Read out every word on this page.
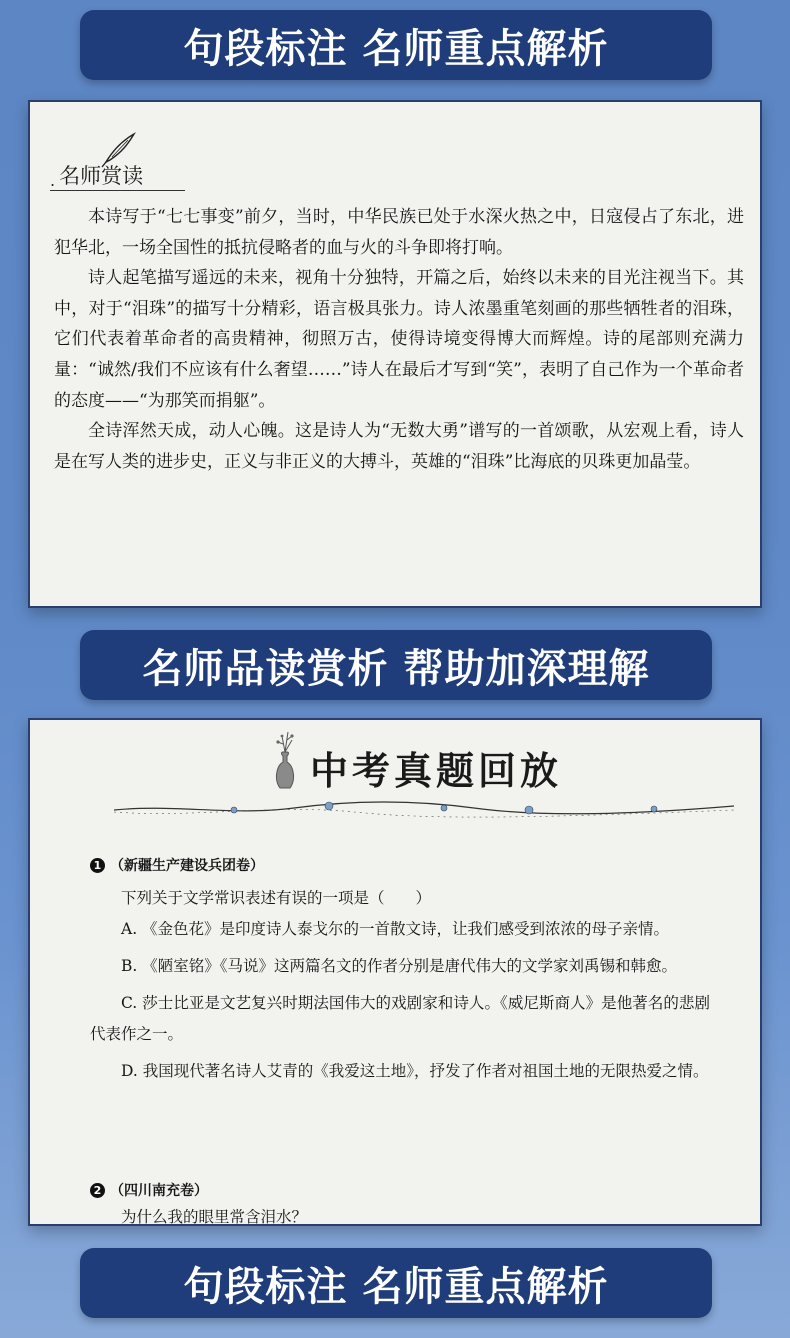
句段标注 名师重点解析

. 名师赏读

本诗写于“七七事变”前夕，当时，中华民族已处于水深火热之中，日寇侵占了东北，进犯华北，一场全国性的抵抗侵略者的血与火的斗争即将打响。

诗人起笔描写遥远的未来，视角十分独特，开篇之后，始终以未来的目光注视当下。其中，对于“泪珠”的描写十分精彩，语言极具张力。诗人浓墨重笔刻画的那些牺牲者的泪珠，它们代表着革命者的高贵精神，彻照万古，使得诗境变得博大而辉煌。诗的尾部则充满力量：“诚然/我们不应该有什么奢望……”诗人在最后才写到“笑”，表明了自己作为一个革命者的态度——“为那笑而捐躯”。

全诗浑然天成，动人心魄。这是诗人为“无数大勇”谱写的一首颂歌，从宏观上看，诗人是在写人类的进步史，正义与非正义的大搏斗，英雄的“泪珠”比海底的贝珠更加晶莹。

名师品读赏析 帮助加深理解
中考真题回放
1 （新疆生产建设兵团卷）
下列关于文学常识表述有误的一项是（　　）
A. 《金色花》是印度诗人泰戈尔的一首散文诗，让我们感受到浓浓的母子亲情。
B. 《陋室铭》《马说》这两篇名文的作者分别是唐代伟大的文学家刘禹锡和韩愈。
C. 莎士比亚是文艺复兴时期法国伟大的戏剧家和诗人。《威尼斯商人》是他著名的悲剧代表作之一。
D. 我国现代著名诗人艾青的《我爱这土地》，抒发了作者对祖国土地的无限热爱之情。
2 （四川南充卷）
为什么我的眼里常含泪水？
句段标注 名师重点解析
